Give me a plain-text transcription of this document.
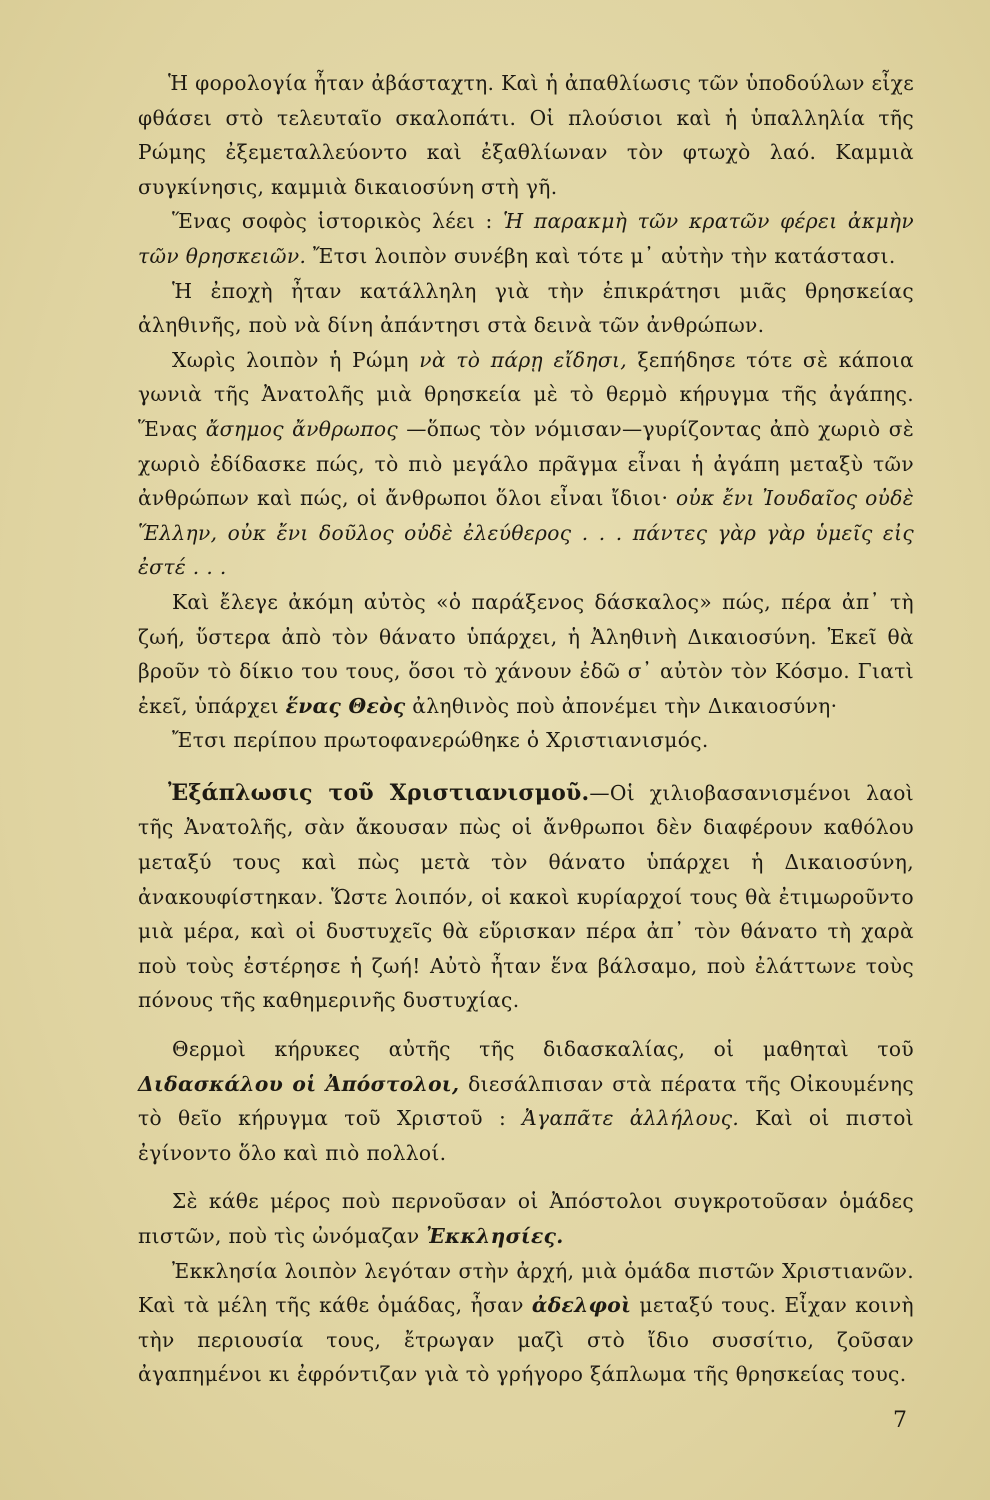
Ἡ φορολογία ἦταν ἀβάσταχτη. Καὶ ἡ ἀπαθλίωσις τῶν ὑποδούλων εἶχε φθάσει στὸ τελευταῖο σκαλοπάτι. Οἱ πλούσιοι καὶ ἡ ὑπαλληλία τῆς Ρώμης ἐξεμεταλλεύοντο καὶ ἐξαθλίωναν τὸν φτωχὸ λαό. Καμμιὰ συγκίνησις, καμμιὰ δικαιοσύνη στὴ γῆ.

Ἕνας σοφὸς ἱστορικὸς λέει : Ἡ παρακμὴ τῶν κρατῶν φέρει ἀκμὴν τῶν θρησκειῶν. Ἔτσι λοιπὸν συνέβη καὶ τότε μ᾽ αὐτὴν τὴν κατάστασι.

Ἡ ἐποχὴ ἦταν κατάλληλη γιὰ τὴν ἐπικράτησι μιᾶς θρησκείας ἀληθινῆς, ποὺ νὰ δίνη ἀπάντησι στὰ δεινὰ τῶν ἀνθρώπων.

Χωρὶς λοιπὸν ἡ Ρώμη νὰ τὸ πάρῃ εἴδησι, ξεπήδησε τότε σὲ κάποια γωνιὰ τῆς Ἀνατολῆς μιὰ θρησκεία μὲ τὸ θερμὸ κήρυγμα τῆς ἀγάπης. Ἕνας ἄσημος ἄνθρωπος —ὅπως τὸν νόμισαν—γυρίζοντας ἀπὸ χωριὸ σὲ χωριὸ ἐδίδασκε πώς, τὸ πιὸ μεγάλο πρᾶγμα εἶναι ἡ ἀγάπη μεταξὺ τῶν ἀνθρώπων καὶ πώς, οἱ ἄνθρωποι ὅλοι εἶναι ἴδιοι· οὐκ ἔνι Ἰουδαῖος οὐδὲ Ἕλλην, οὐκ ἔνι δοῦλος οὐδὲ ἐλεύθερος . . . πάντες γὰρ γὰρ ὑμεῖς εἰς ἐστέ . . .

Καὶ ἔλεγε ἀκόμη αὐτὸς «ὁ παράξενος δάσκαλος» πώς, πέρα ἀπ᾽ τὴ ζωή, ὕστερα ἀπὸ τὸν θάνατο ὑπάρχει, ἡ Ἀληθινὴ Δικαιοσύνη. Ἐκεῖ θὰ βροῦν τὸ δίκιο του τους, ὅσοι τὸ χάνουν ἐδῶ σ᾽ αὐτὸν τὸν Κόσμο. Γιατὶ ἐκεῖ, ὑπάρχει ἕνας Θεὸς ἀληθινὸς ποὺ ἀπονέμει τὴν Δικαιοσύνη·

Ἔτσι περίπου πρωτοφανερώθηκε ὁ Χριστιανισμός.

Ἐξάπλωσις τοῦ Χριστιανισμοῦ.—Οἱ χιλιοβασανισμένοι λαοὶ τῆς Ἀνατολῆς, σὰν ἄκουσαν πὼς οἱ ἄνθρωποι δὲν διαφέρουν καθόλου μεταξύ τους καὶ πὼς μετὰ τὸν θάνατο ὑπάρχει ἡ Δικαιοσύνη, ἀνακουφίστηκαν. Ὥστε λοιπόν, οἱ κακοὶ κυρίαρχοί τους θὰ ἐτιμωροῦντο μιὰ μέρα, καὶ οἱ δυστυχεῖς θὰ εὕρισκαν πέρα ἀπ᾽ τὸν θάνατο τὴ χαρὰ ποὺ τοὺς ἐστέρησε ἡ ζωή! Αὐτὸ ἦταν ἕνα βάλσαμο, ποὺ ἐλάττωνε τοὺς πόνους τῆς καθημερινῆς δυστυχίας.

Θερμοὶ κήρυκες αὐτῆς τῆς διδασκαλίας, οἱ μαθηταὶ τοῦ Διδασκάλου οἱ Ἀπόστολοι, διεσάλπισαν στὰ πέρατα τῆς Οἰκουμένης τὸ θεῖο κήρυγμα τοῦ Χριστοῦ : Ἀγαπᾶτε ἀλλήλους. Καὶ οἱ πιστοὶ ἐγίνοντο ὅλο καὶ πιὸ πολλοί.

Σὲ κάθε μέρος ποὺ περνοῦσαν οἱ Ἀπόστολοι συγκροτοῦσαν ὁμάδες πιστῶν, ποὺ τὶς ὠνόμαζαν Ἐκκλησίες.

Ἐκκλησία λοιπὸν λεγόταν στὴν ἀρχή, μιὰ ὁμάδα πιστῶν Χριστιανῶν. Καὶ τὰ μέλη τῆς κάθε ὁμάδας, ἦσαν ἀδελφοὶ μεταξύ τους. Εἶχαν κοινὴ τὴν περιουσία τους, ἔτρωγαν μαζὶ στὸ ἴδιο συσσίτιο, ζοῦσαν ἀγαπημένοι κι ἐφρόντιζαν γιὰ τὸ γρήγορο ξάπλωμα τῆς θρησκείας τους.

7
